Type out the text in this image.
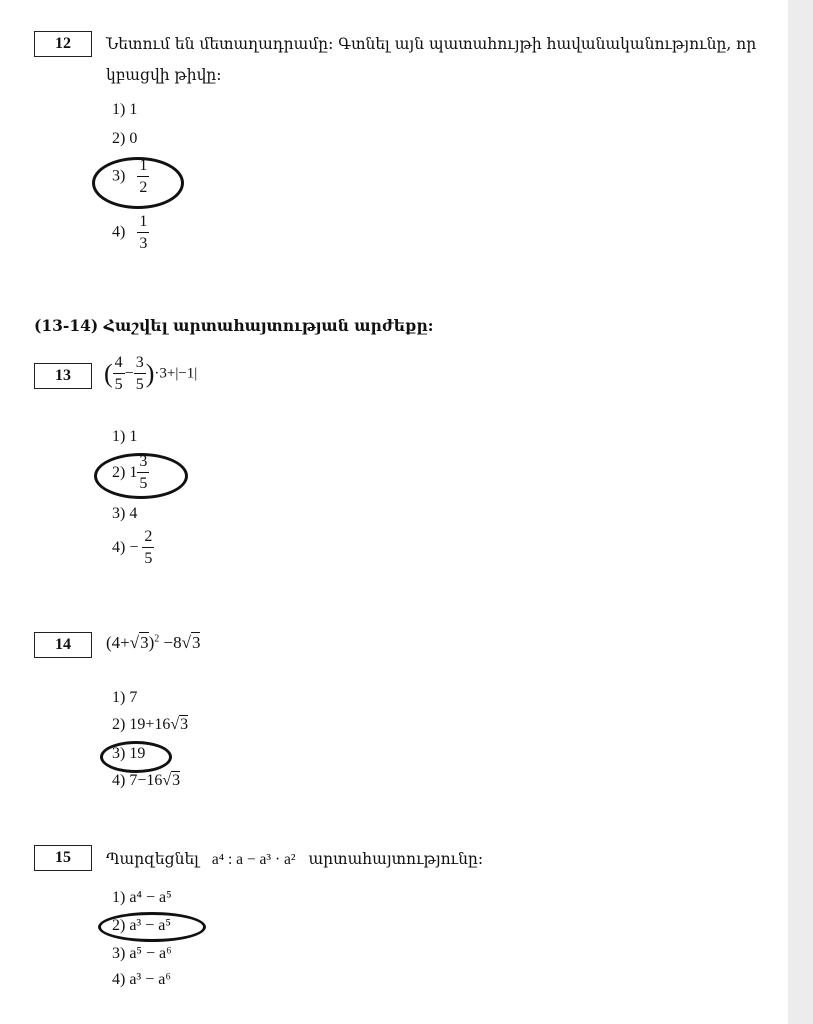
12	Նետում են մետաղադրամը: Գտնել այն պատահույթի հավանականությունը, որ
կբացվի թիվը:
1) 1
2) 0
$3) \frac{1}{2}$
$4) \frac{1}{3}$
(13-14) Հաշվել արտահայտության արժեքը:
13	( $\frac{4}{5} - \frac{3}{5} )\cdot 3+|-1|$
1) 1
2) $1 \frac{3}{5}$
3) 4
$4) - \frac{2}{5}$
14	$(4+√3)^2 -8√3$
1) 7
2) 19+16√3
3) 19
4) 7−16√3
15	Պարզեցնել a⁴ : a − a³ · a² արտահայտությունը:
1) a⁴ − a⁵
2) a³ − a⁵
3) a⁵ − a⁶
4) a³ − a⁶
